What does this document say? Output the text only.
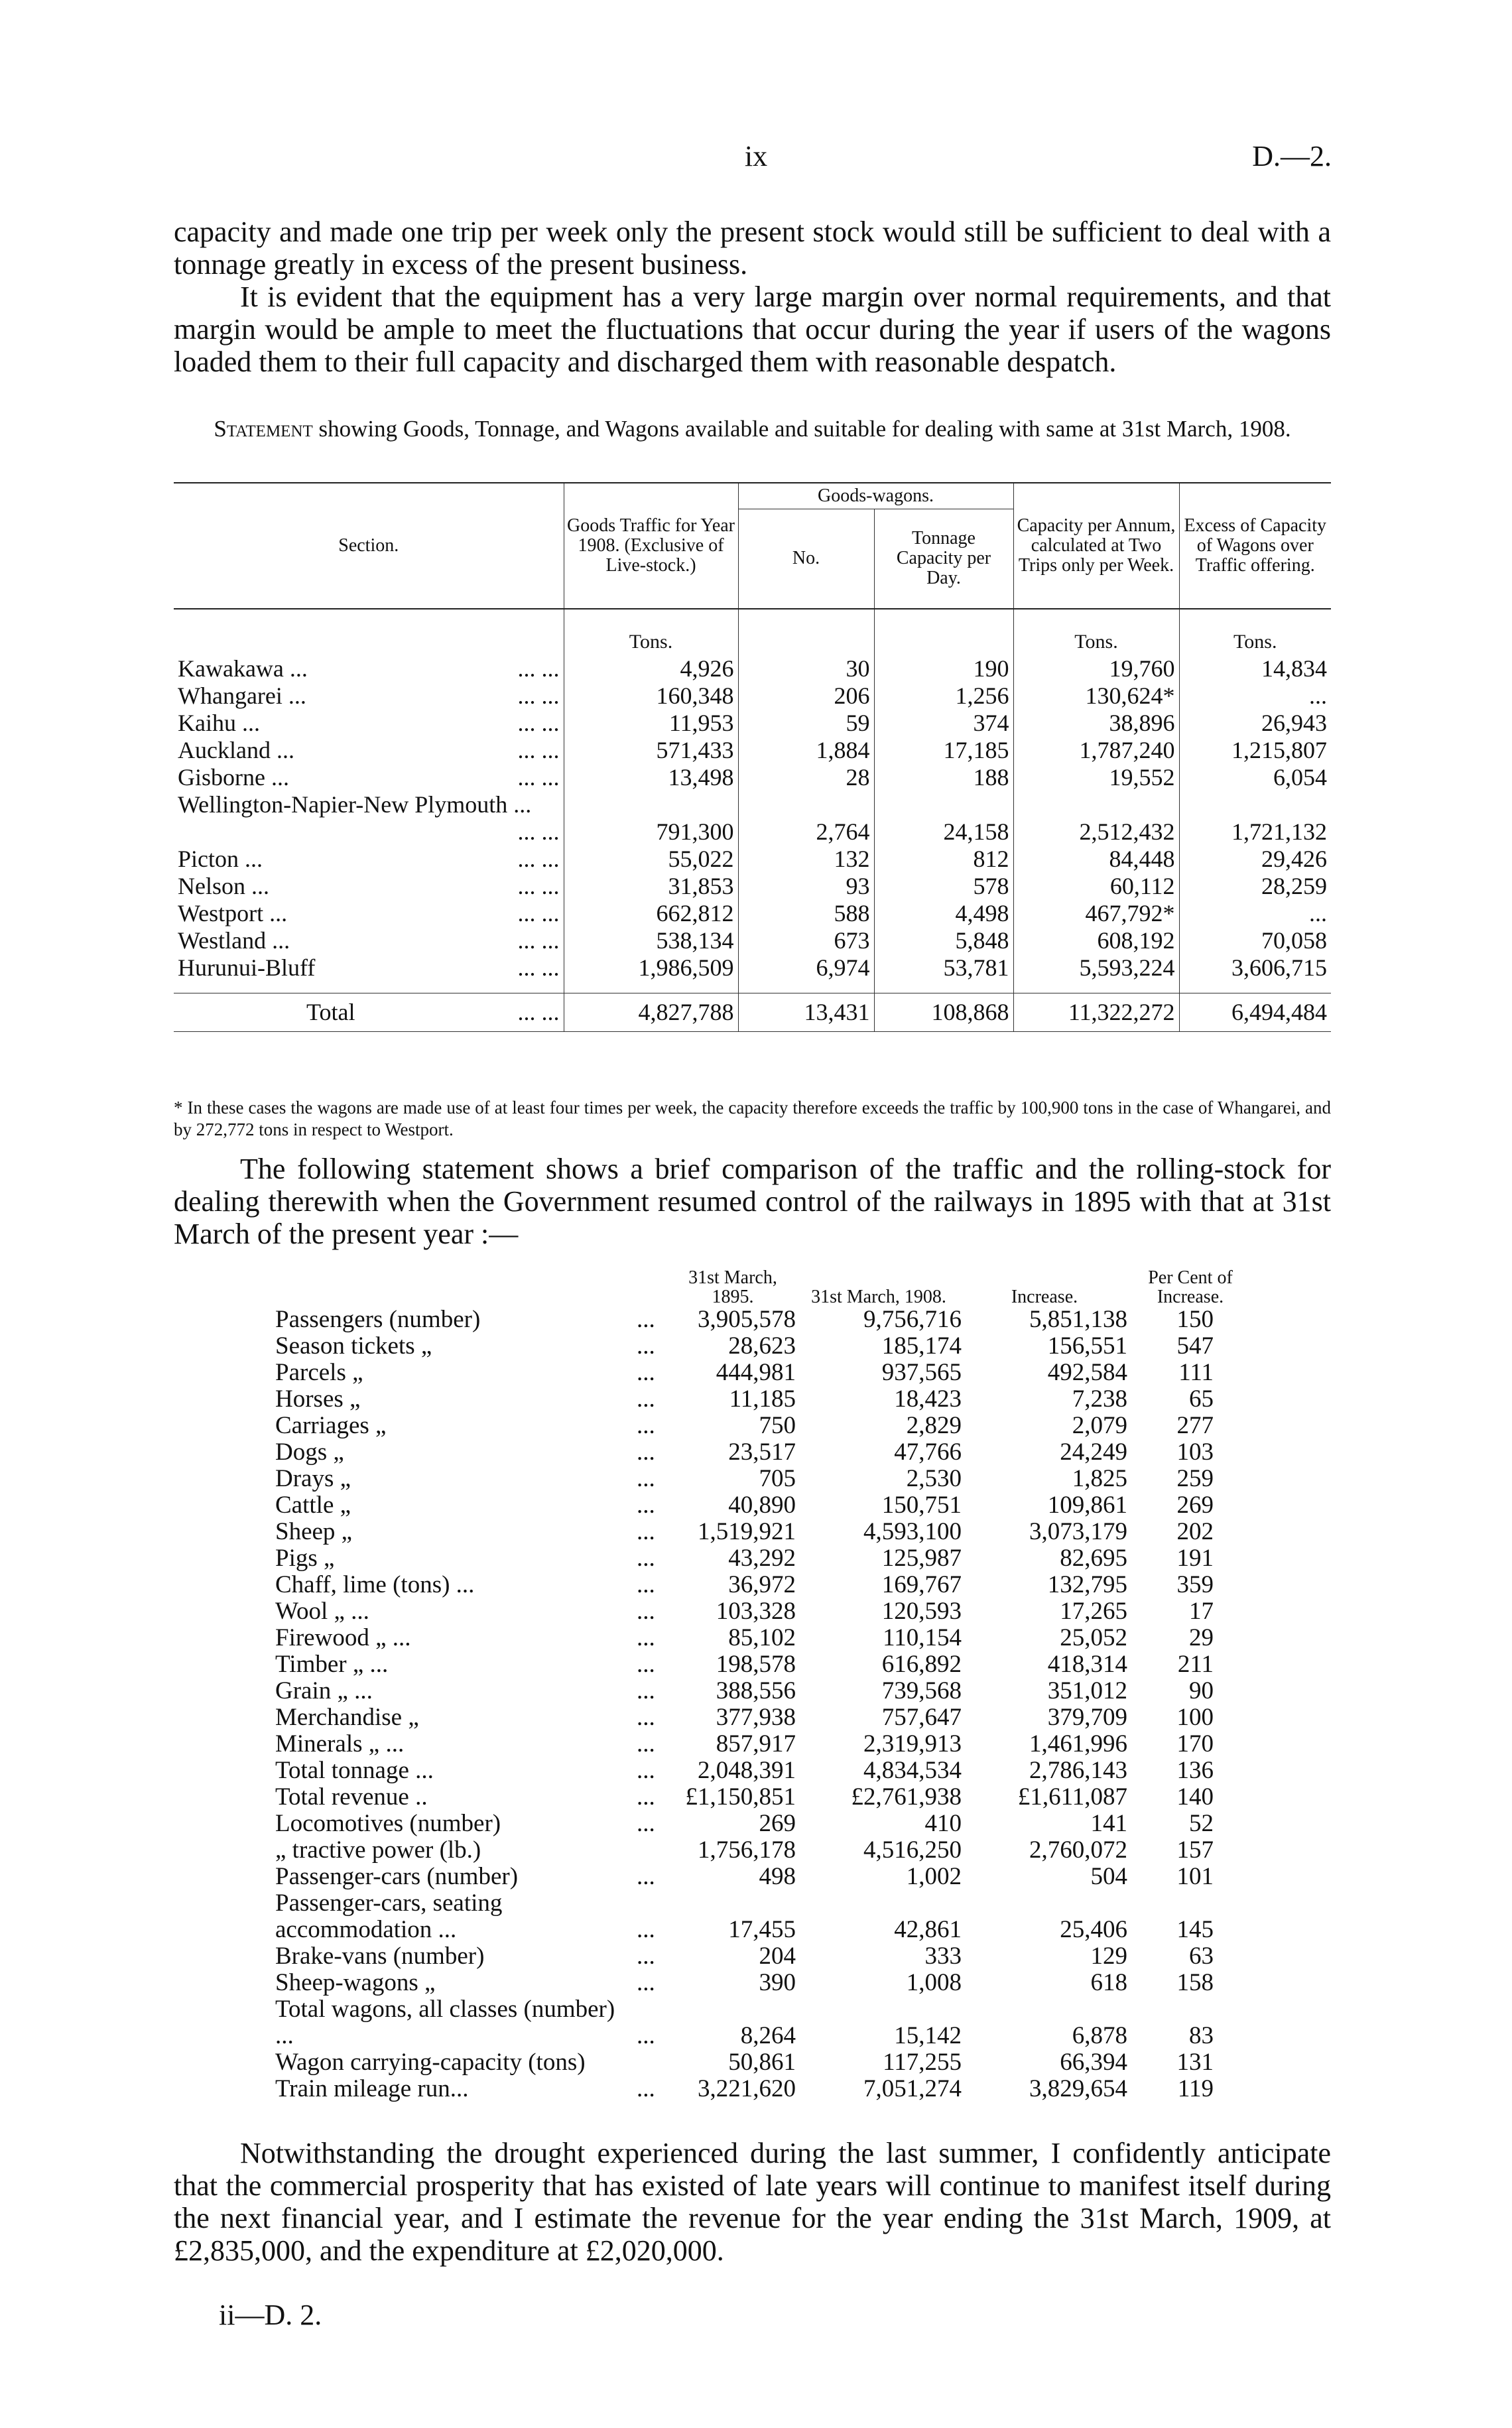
ix	D.—2.

capacity and made one trip per week only the present stock would still be sufficient to deal with a tonnage greatly in excess of the present business.

It is evident that the equipment has a very large margin over normal requirements, and that margin would be ample to meet the fluctuations that occur during the year if users of the wagons loaded them to their full capacity and discharged them with reasonable despatch.

Statement showing Goods, Tonnage, and Wagons available and suitable for dealing with same at 31st March, 1908.
Section.	Goods Traffic for Year 1908. (Exclusive of Live-stock.)	Goods-wagons.		Capacity per Annum, calculated at Two Trips only per Week.	Excess of Capacity of Wagons over Traffic offering.
		No.	Tonnage Capacity per Day.		
	Tons.			Tons.	Tons.
Kawakawa ... ... ...	4,926	30	190	19,760	14,834
Whangarei ... ... ...	160,348	206	1,256	130,624*	...
Kaihu ... ... ...	11,953	59	374	38,896	26,943
Auckland ... ... ...	571,433	1,884	17,185	1,787,240	1,215,807
Gisborne ... ... ...	13,498	28	188	19,552	6,054
Wellington-Napier-New Plymouth ...
... ...	791,300	2,764	24,158	2,512,432	1,721,132
Picton ... ... ...	55,022	132	812	84,448	29,426
Nelson ... ... ...	31,853	93	578	60,112	28,259
Westport ... ... ...	662,812	588	4,498	467,792*	...
Westland ... ... ...	538,134	673	5,848	608,192	70,058
Hurunui-Bluff ... ...	1,986,509	6,974	53,781	5,593,224	3,606,715

Total ... ...	4,827,788	13,431	108,868	11,322,272	6,494,484
* In these cases the wagons are made use of at least four times per week, the capacity therefore exceeds the traffic by 100,900 tons in the case of Whangarei, and by 272,772 tons in respect to Westport.

The following statement shows a brief comparison of the traffic and the rolling-stock for dealing therewith when the Government resumed control of the railways in 1895 with that at 31st March of the present year :—

		31st March, 1895.	31st March, 1908.	Increase.	Per Cent of Increase.
Passengers (number)	...	3,905,578	9,756,716	5,851,138	150
Season tickets „	...	28,623	185,174	156,551	547
Parcels „	...	444,981	937,565	492,584	111
Horses „	...	11,185	18,423	7,238	65
Carriages „	...	750	2,829	2,079	277
Dogs „	...	23,517	47,766	24,249	103
Drays „	...	705	2,530	1,825	259
Cattle „	...	40,890	150,751	109,861	269
Sheep „	...	1,519,921	4,593,100	3,073,179	202
Pigs „	...	43,292	125,987	82,695	191
Chaff, lime (tons) ...	...	36,972	169,767	132,795	359
Wool „ ...	...	103,328	120,593	17,265	17
Firewood „ ...	...	85,102	110,154	25,052	29
Timber „ ...	...	198,578	616,892	418,314	211
Grain „ ...	...	388,556	739,568	351,012	90
Merchandise „	...	377,938	757,647	379,709	100
Minerals „ ...	...	857,917	2,319,913	1,461,996	170
Total tonnage ...	...	2,048,391	4,834,534	2,786,143	136
Total revenue ..	...	£1,150,851	£2,761,938	£1,611,087	140
Locomotives (number)	...	269	410	141	52
„ tractive power (lb.)		1,756,178	4,516,250	2,760,072	157
Passenger-cars (number)	...	498	1,002	504	101
Passenger-cars, seating accommodation ...	...	17,455	42,861	25,406	145
Brake-vans (number)	...	204	333	129	63
Sheep-wagons „	...	390	1,008	618	158
Total wagons, all classes (number) ...	...	8,264	15,142	6,878	83
Wagon carrying-capacity (tons)		50,861	117,255	66,394	131
Train mileage run...	...	3,221,620	7,051,274	3,829,654	119

Notwithstanding the drought experienced during the last summer, I confidently anticipate that the commercial prosperity that has existed of late years will continue to manifest itself during the next financial year, and I estimate the revenue for the year ending the 31st March, 1909, at £2,835,000, and the expenditure at £2,020,000.

ii—D. 2.
